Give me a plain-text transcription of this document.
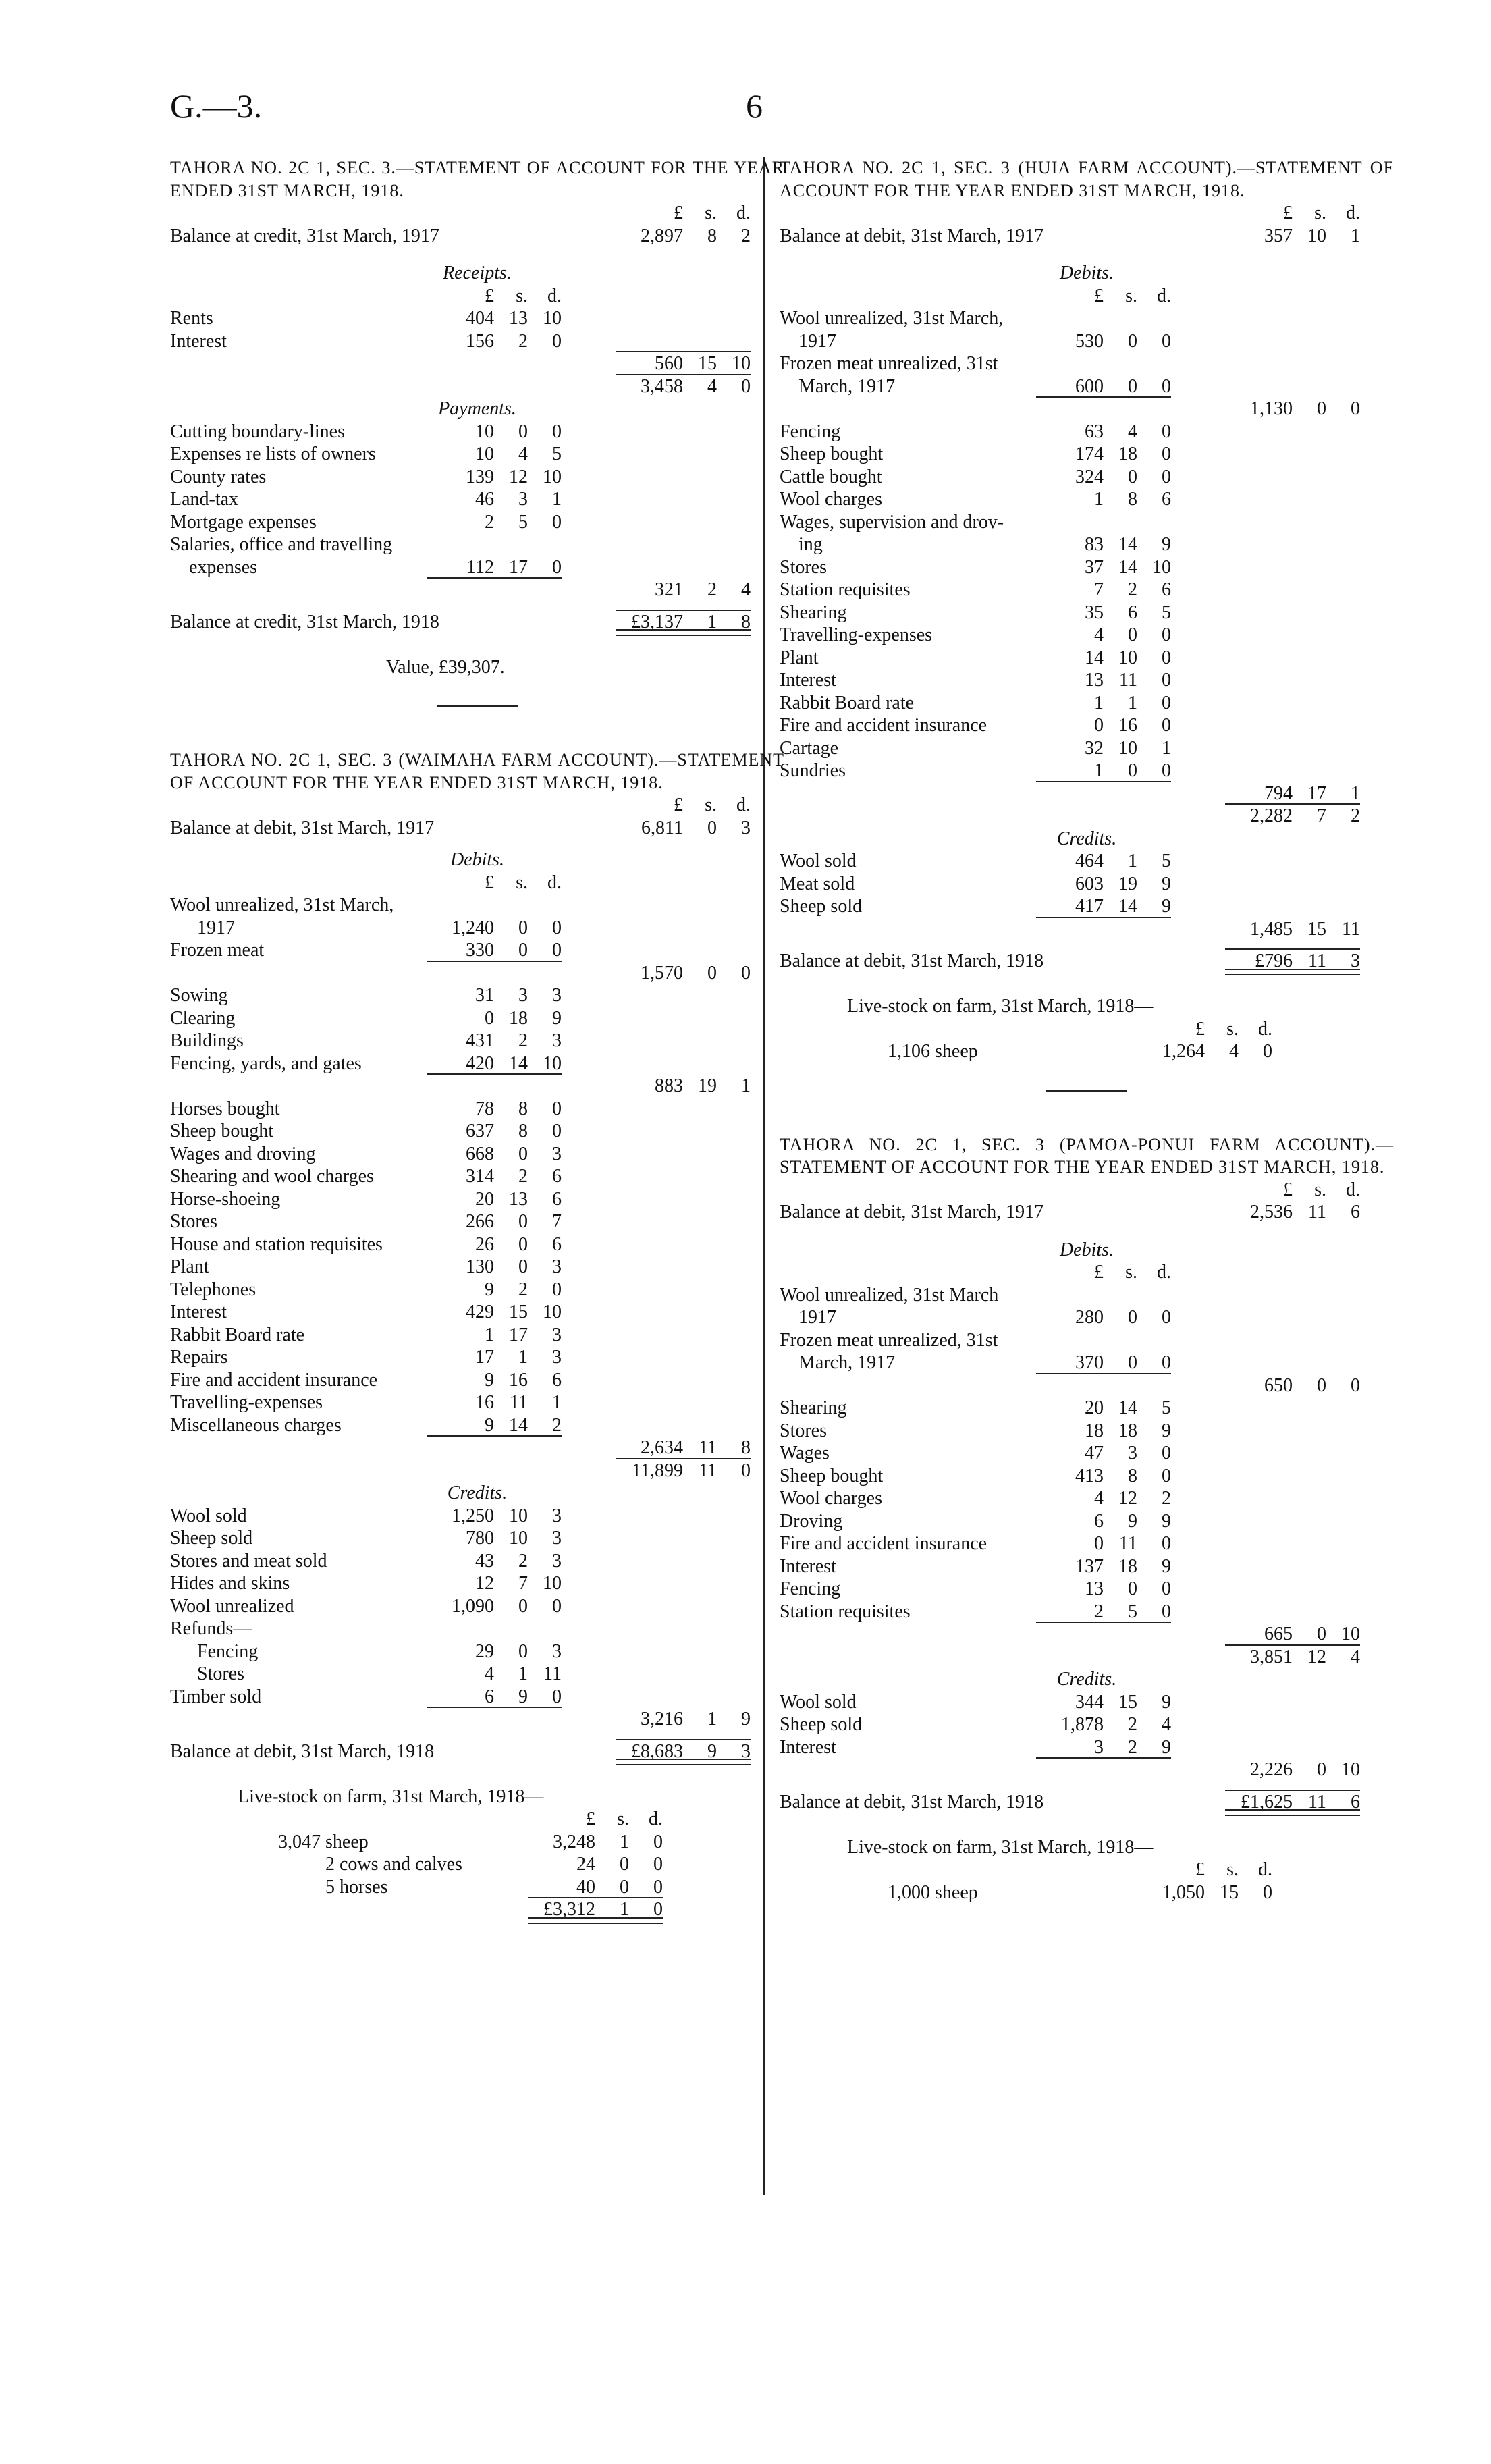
G.—3.	6
TAHORA NO. 2C 1, SEC. 3.—STATEMENT OF ACCOUNT FOR THE YEAR ENDED 31ST MARCH, 1918.
£	s.	d.
Balance at credit, 31st March, 1917	2,897	8	2
Receipts.
£	s.	d.
Rents	404 13 10
Interest	156	2	0
560 15 10
3,458	4	0
Payments.
Cutting boundary-lines	10	0	0
Expenses re lists of owners	10	4	5
County rates	139 12 10
Land-tax	46	3	1
Mortgage expenses	2	5	0
Salaries, office and travelling
expenses	112 17	0
321	2	4
Balance at credit, 31st March, 1918	£3,137	1	8
Value, £39,307.
TAHORA NO. 2C 1, SEC. 3 (WAIMAHA FARM ACCOUNT).—STATEMENT OF ACCOUNT FOR THE YEAR ENDED 31ST MARCH, 1918.
£	s.	d.
Balance at debit, 31st March, 1917	6,811	0	3
Debits.
£	s.	d.
Wool unrealized, 31st March,
1917	1,240	0	0
Frozen meat	330	0	0
1,570	0	0
Sowing	31	3	3
Clearing	0 18	9
Buildings	431	2	3
Fencing, yards, and gates	420 14 10
883 19	1
Horses bought	78	8	0
Sheep bought	637	8	0
Wages and droving	668	0	3
Shearing and wool charges	314	2	6
Horse-shoeing	20 13	6
Stores	266	0	7
House and station requisites	26	0	6
Plant	130	0	3
Telephones	9	2	0
Interest	429 15 10
Rabbit Board rate	1 17	3
Repairs	17	1	3
Fire and accident insurance	9 16	6
Travelling-expenses	16 11	1
Miscellaneous charges	9 14	2
2,634 11	8
11,899 11	0
Credits.
Wool sold	1,250 10	3
Sheep sold	780 10	3
Stores and meat sold	43	2	3
Hides and skins	12	7 10
Wool unrealized	1,090	0	0
Refunds—
Fencing	29	0	3
Stores	4	1 11
Timber sold	6	9	0
3,216	1	9
Balance at debit, 31st March, 1918	£8,683	9	3
Live-stock on farm, 31st March, 1918—
£	s.	d.
3,047 sheep	3,248	1	0
2 cows and calves	24	0	0
5 horses	40	0	0
£3,312	1	0
TAHORA NO. 2C 1, SEC. 3 (HUIA FARM ACCOUNT).—STATEMENT OF ACCOUNT FOR THE YEAR ENDED 31ST MARCH, 1918.
£	s.	d.
Balance at debit, 31st March, 1917	357 10	1
Debits.
£	s.	d.
Wool unrealized, 31st March,
1917	530	0	0
Frozen meat unrealized, 31st
March, 1917	600	0	0
1,130	0	0
Fencing	63	4	0
Sheep bought	174 18	0
Cattle bought	324	0	0
Wool charges	1	8	6
Wages, supervision and drov-
ing	83 14	9
Stores	37 14 10
Station requisites	7	2	6
Shearing	35	6	5
Travelling-expenses	4	0	0
Plant	14 10	0
Interest	13 11	0
Rabbit Board rate	1	1	0
Fire and accident insurance	0 16	0
Cartage	32 10	1
Sundries	1	0	0
794 17	1
2,282	7	2
Credits.
Wool sold	464	1	5
Meat sold	603 19	9
Sheep sold	417 14	9
1,485 15 11
Balance at debit, 31st March, 1918	£796 11	3
Live-stock on farm, 31st March, 1918—
£	s.	d.
1,106 sheep	1,264	4	0
TAHORA NO. 2C 1, SEC. 3 (PAMOA-PONUI FARM ACCOUNT).—STATEMENT OF ACCOUNT FOR THE YEAR ENDED 31ST MARCH, 1918.
£	s.	d.
Balance at debit, 31st March, 1917	2,536 11	6
Debits.
£	s.	d.
Wool unrealized, 31st March
1917	280	0	0
Frozen meat unrealized, 31st
March, 1917	370	0	0
650	0	0
Shearing	20 14	5
Stores	18 18	9
Wages	47	3	0
Sheep bought	413	8	0
Wool charges	4 12	2
Droving	6	9	9
Fire and accident insurance	0 11	0
Interest	137 18	9
Fencing	13	0	0
Station requisites	2	5	0
665	0 10
3,851 12	4
Credits.
Wool sold	344 15	9
Sheep sold	1,878	2	4
Interest	3	2	9
2,226	0 10
Balance at debit, 31st March, 1918	£1,625 11	6
Live-stock on farm, 31st March, 1918—
£	s.	d.
1,000 sheep	1,050 15	0
